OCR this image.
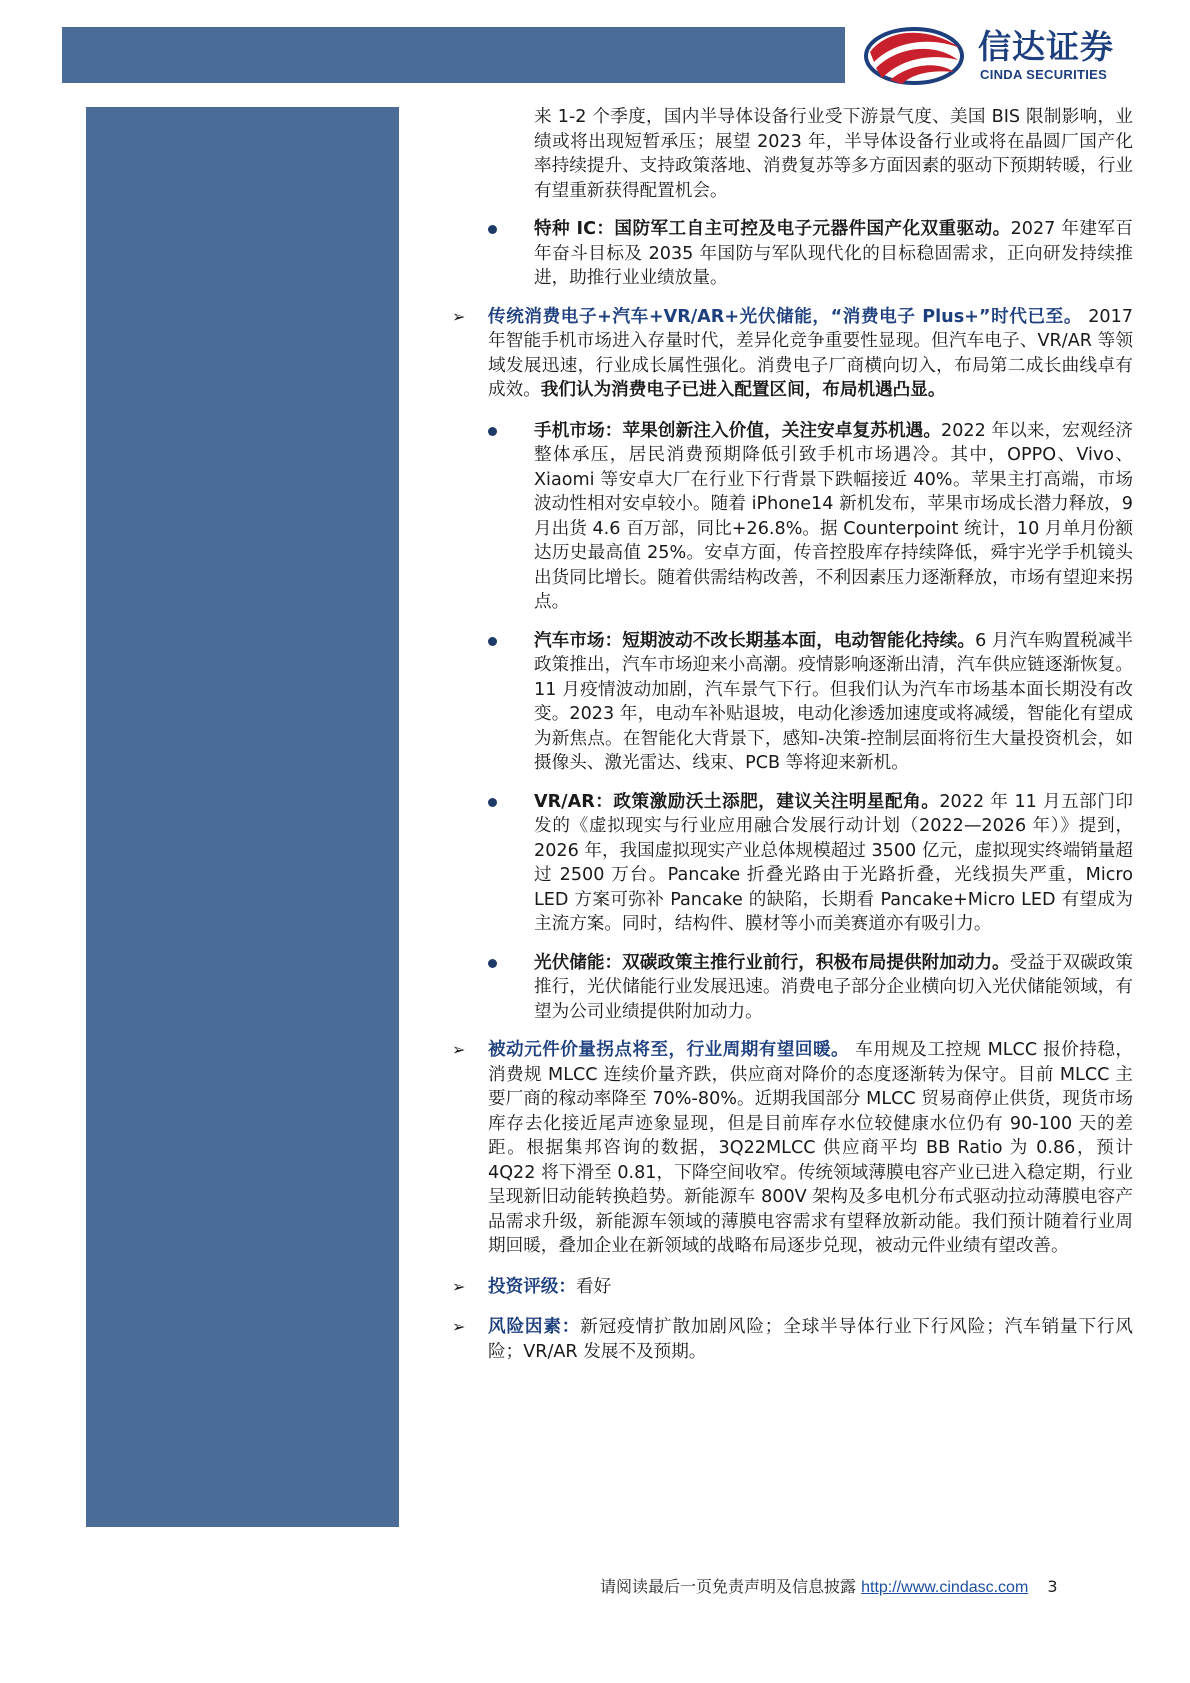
信达证券
CINDA SECURITIES
来 1-2 个季度，国内半导体设备行业受下游景气度、美国 BIS 限制影响，业绩或将出现短暂承压；展望 2023 年，半导体设备行业或将在晶圆厂国产化率持续提升、支持政策落地、消费复苏等多方面因素的驱动下预期转暖，行业有望重新获得配置机会。
特种 IC：国防军工自主可控及电子元器件国产化双重驱动。2027 年建军百年奋斗目标及 2035 年国防与军队现代化的目标稳固需求，正向研发持续推进，助推行业业绩放量。
➢ 传统消费电子+汽车+VR/AR+光伏储能，“消费电子 Plus+”时代已至。 2017 年智能手机市场进入存量时代，差异化竞争重要性显现。但汽车电子、VR/AR 等领域发展迅速，行业成长属性强化。消费电子厂商横向切入，布局第二成长曲线卓有成效。我们认为消费电子已进入配置区间，布局机遇凸显。
手机市场：苹果创新注入价值，关注安卓复苏机遇。2022 年以来，宏观经济整体承压，居民消费预期降低引致手机市场遇冷。其中，OPPO、Vivo、Xiaomi 等安卓大厂在行业下行背景下跌幅接近 40%。苹果主打高端，市场波动性相对安卓较小。随着 iPhone14 新机发布，苹果市场成长潜力释放，9 月出货 4.6 百万部，同比+26.8%。据 Counterpoint 统计，10 月单月份额达历史最高值 25%。安卓方面，传音控股库存持续降低，舜宇光学手机镜头出货同比增长。随着供需结构改善，不利因素压力逐渐释放，市场有望迎来拐点。
汽车市场：短期波动不改长期基本面，电动智能化持续。6 月汽车购置税减半政策推出，汽车市场迎来小高潮。疫情影响逐渐出清，汽车供应链逐渐恢复。11 月疫情波动加剧，汽车景气下行。但我们认为汽车市场基本面长期没有改变。2023 年，电动车补贴退坡，电动化渗透加速度或将减缓，智能化有望成为新焦点。在智能化大背景下，感知-决策-控制层面将衍生大量投资机会，如摄像头、激光雷达、线束、PCB 等将迎来新机。
VR/AR：政策激励沃土添肥，建议关注明星配角。2022 年 11 月五部门印发的《虚拟现实与行业应用融合发展行动计划（2022—2026 年）》提到，2026 年，我国虚拟现实产业总体规模超过 3500 亿元，虚拟现实终端销量超过 2500 万台。Pancake 折叠光路由于光路折叠，光线损失严重，Micro LED 方案可弥补 Pancake 的缺陷，长期看 Pancake+Micro LED 有望成为主流方案。同时，结构件、膜材等小而美赛道亦有吸引力。
光伏储能：双碳政策主推行业前行，积极布局提供附加动力。受益于双碳政策推行，光伏储能行业发展迅速。消费电子部分企业横向切入光伏储能领域，有望为公司业绩提供附加动力。
➢ 被动元件价量拐点将至，行业周期有望回暖。 车用规及工控规 MLCC 报价持稳，消费规 MLCC 连续价量齐跌，供应商对降价的态度逐渐转为保守。目前 MLCC 主要厂商的稼动率降至 70%-80%。近期我国部分 MLCC 贸易商停止供货，现货市场库存去化接近尾声迹象显现，但是目前库存水位较健康水位仍有 90-100 天的差距。根据集邦咨询的数据，3Q22MLCC 供应商平均 BB Ratio 为 0.86，预计 4Q22 将下滑至 0.81，下降空间收窄。传统领域薄膜电容产业已进入稳定期，行业呈现新旧动能转换趋势。新能源车 800V 架构及多电机分布式驱动拉动薄膜电容产品需求升级，新能源车领域的薄膜电容需求有望释放新动能。我们预计随着行业周期回暖，叠加企业在新领域的战略布局逐步兑现，被动元件业绩有望改善。
➢ 投资评级：看好
➢ 风险因素：新冠疫情扩散加剧风险；全球半导体行业下行风险；汽车销量下行风险；VR/AR 发展不及预期。
请阅读最后一页免责声明及信息披露 http://www.cindasc.com 3
